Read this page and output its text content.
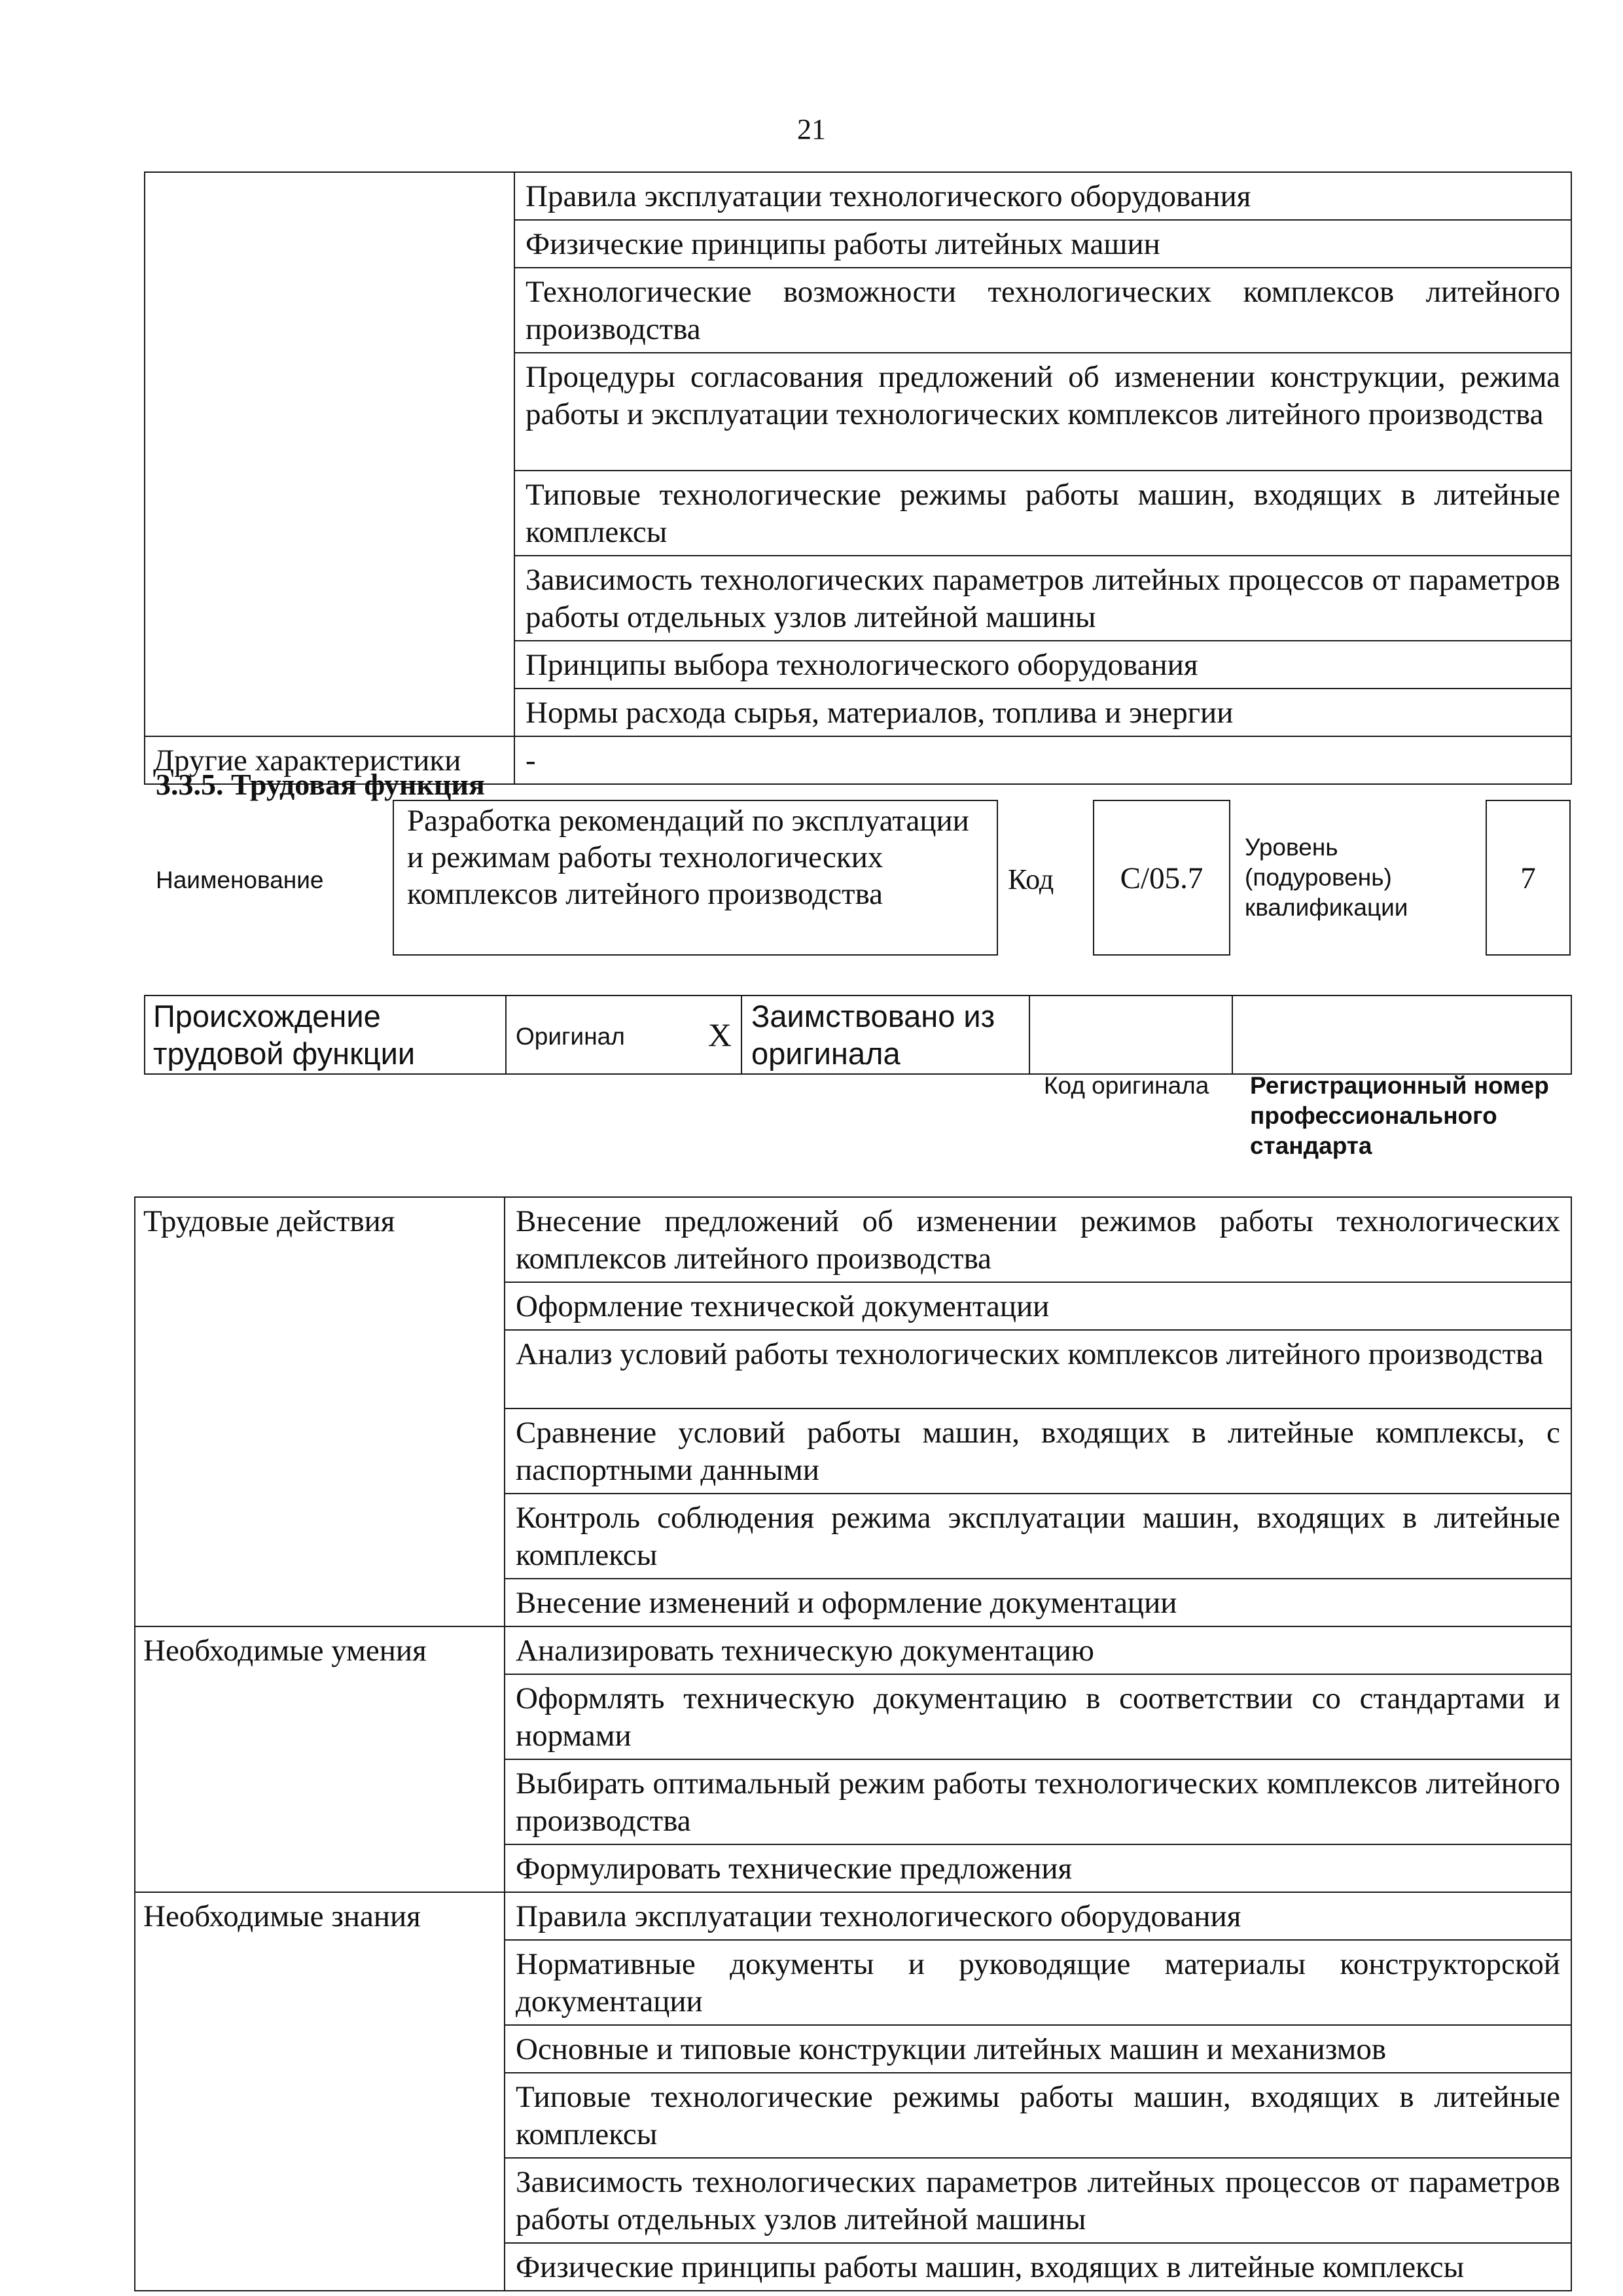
21
	Правила эксплуатации технологического оборудования
	Физические принципы работы литейных машин
	Технологические возможности технологических комплексов литейного производства
	Процедуры согласования предложений об изменении конструкции, режима работы и эксплуатации технологических комплексов литейного производства
	Типовые технологические режимы работы машин, входящих в литейные комплексы
	Зависимость технологических параметров литейных процессов от параметров работы отдельных узлов литейной машины
	Принципы выбора технологического оборудования
	Нормы расхода сырья, материалов, топлива и энергии
Другие характеристики	-
3.3.5. Трудовая функция
Наименование
Разработка рекомендаций по эксплуатации и режимам работы технологических комплексов литейного производства	Код	C/05.7
Уровень (подуровень) квалификации
7
Происхождение трудовой функции	Оригинал	X	Заимствовано из оригинала		
Код оригинала Регистрационный номер профессионального стандарта
Трудовые действия	Внесение предложений об изменении режимов работы технологических комплексов литейного производства
	Оформление технической документации
	Анализ условий работы технологических комплексов литейного производства
	Сравнение условий работы машин, входящих в литейные комплексы, с паспортными данными
	Контроль соблюдения режима эксплуатации машин, входящих в литейные комплексы
	Внесение изменений и оформление документации
Необходимые умения	Анализировать техническую документацию
	Оформлять техническую документацию в соответствии со стандартами и нормами
	Выбирать оптимальный режим работы технологических комплексов литейного производства
	Формулировать технические предложения
Необходимые знания	Правила эксплуатации технологического оборудования
	Нормативные документы и руководящие материалы конструкторской документации
	Основные и типовые конструкции литейных машин и механизмов
	Типовые технологические режимы работы машин, входящих в литейные комплексы
	Зависимость технологических параметров литейных процессов от параметров работы отдельных узлов литейной машины
	Физические принципы работы машин, входящих в литейные комплексы
